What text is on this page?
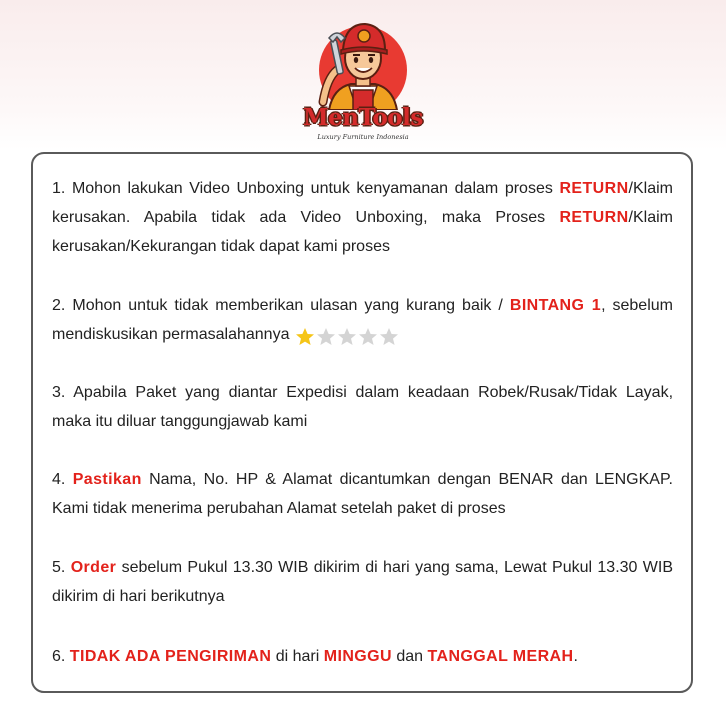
MenTools
Luxury Furniture Indonesia
1. Mohon lakukan Video Unboxing untuk kenyamanan dalam proses RETURN/Klaim kerusakan. Apabila tidak ada Video Unboxing, maka Proses RETURN/Klaim kerusakan/Kekurangan tidak dapat kami proses
2. Mohon untuk tidak memberikan ulasan yang kurang baik / BINTANG 1, sebelum mendiskusikan permasalahannya
3. Apabila Paket yang diantar Expedisi dalam keadaan Robek/Rusak/Tidak Layak, maka itu diluar tanggungjawab kami
4. Pastikan Nama, No. HP & Alamat dicantumkan dengan BENAR dan LENGKAP. Kami tidak menerima perubahan Alamat setelah paket di proses
5. Order sebelum Pukul 13.30 WIB dikirim di hari yang sama, Lewat Pukul 13.30 WIB dikirim di hari berikutnya
6. TIDAK ADA PENGIRIMAN di hari MINGGU dan TANGGAL MERAH.
